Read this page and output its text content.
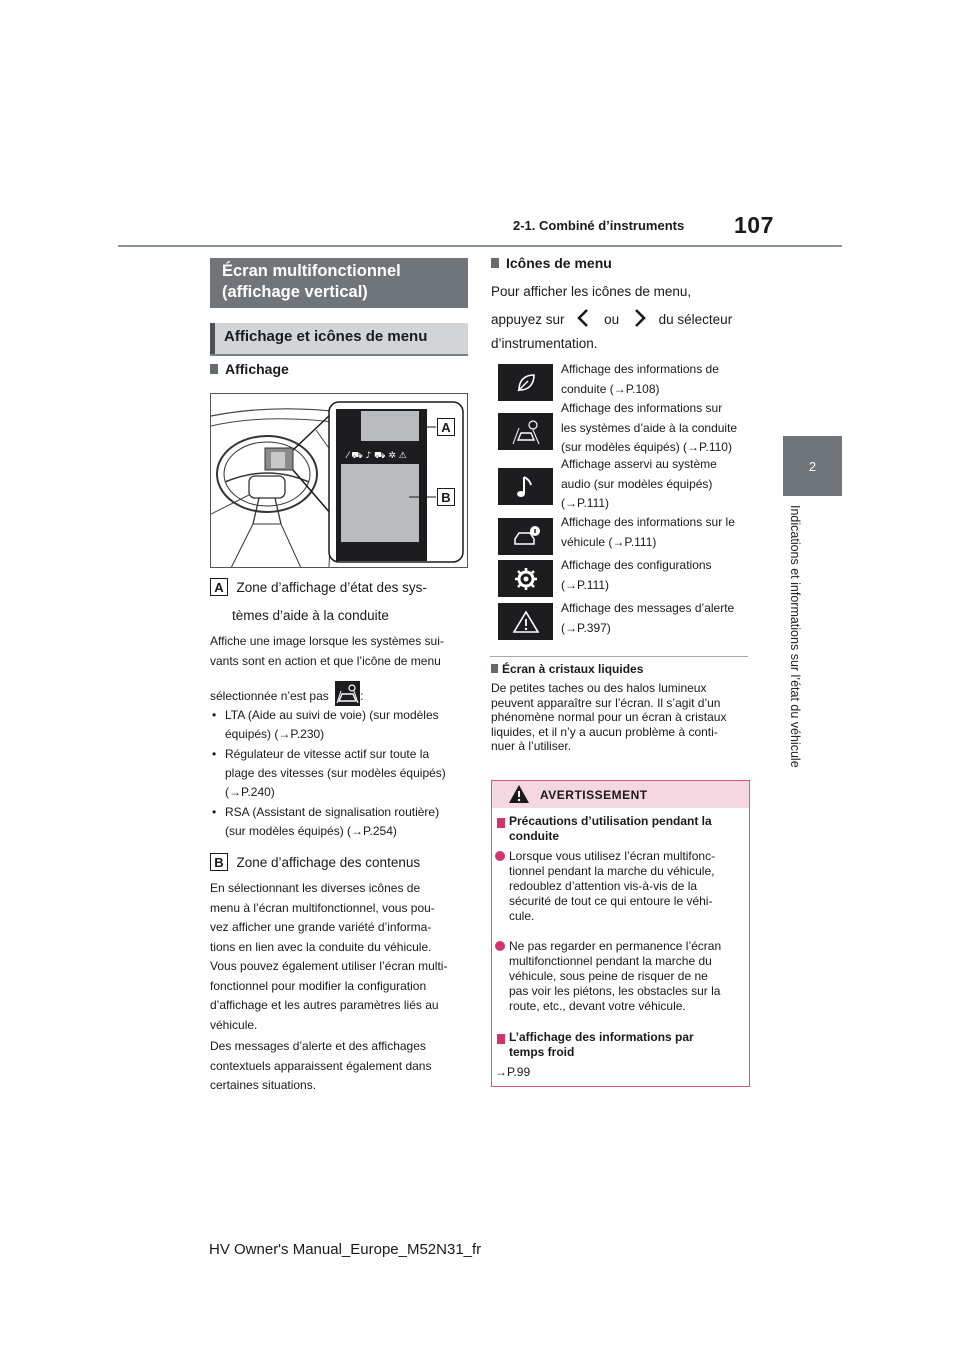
2-1. Combiné d’instruments 107
2
Indications et informations sur l’état du véhicule
Écran multifonctionnel
(affichage vertical)
Affichage et icônes de menu
Affichage
⁄ ⛟ ♪ ⛟ ✲ ⚠
A
B
A Zone d’affichage d’état des sys-
tèmes d’aide à la conduite
Affiche une image lorsque les systèmes sui-
vants sont en action et que l’icône de menu
sélectionnée n’est pas	:
• LTA (Aide au suivi de voie) (sur modèles
équipés) (→P.230)
• Régulateur de vitesse actif sur toute la
plage des vitesses (sur modèles équipés)
(→P.240)
• RSA (Assistant de signalisation routière)
(sur modèles équipés) (→P.254)
B Zone d’affichage des contenus
En sélectionnant les diverses icônes de
menu à l’écran multifonctionnel, vous pou-
vez afficher une grande variété d’informa-
tions en lien avec la conduite du véhicule.
Vous pouvez également utiliser l’écran multi-
fonctionnel pour modifier la configuration
d’affichage et les autres paramètres liés au
véhicule.
Des messages d’alerte et des affichages
contextuels apparaissent également dans
certaines situations.
Icônes de menu
Pour afficher les icônes de menu,
appuyez sur	ou	du sélecteur
d’instrumentation.
Affichage des informations de
conduite (→P.108)
Affichage des informations sur
les systèmes d’aide à la conduite
(sur modèles équipés) (→P.110)
Affichage asservi au système
audio (sur modèles équipés)
(→P.111)
Affichage des informations sur le
véhicule (→P.111)
Affichage des configurations
(→P.111)
Affichage des messages d’alerte
(→P.397)
Écran à cristaux liquides
De petites taches ou des halos lumineux
peuvent apparaître sur l’écran. Il s’agit d’un
phénomène normal pour un écran à cristaux
liquides, et il n’y a aucun problème à conti-
nuer à l’utiliser.
AVERTISSEMENT
Précautions d’utilisation pendant la
conduite
Lorsque vous utilisez l’écran multifonc-
tionnel pendant la marche du véhicule,
redoublez d’attention vis-à-vis de la
sécurité de tout ce qui entoure le véhi-
cule.
Ne pas regarder en permanence l’écran
multifonctionnel pendant la marche du
véhicule, sous peine de risquer de ne
pas voir les piétons, les obstacles sur la
route, etc., devant votre véhicule.
L’affichage des informations par
temps froid
→P.99
HV Owner's Manual_Europe_M52N31_fr
